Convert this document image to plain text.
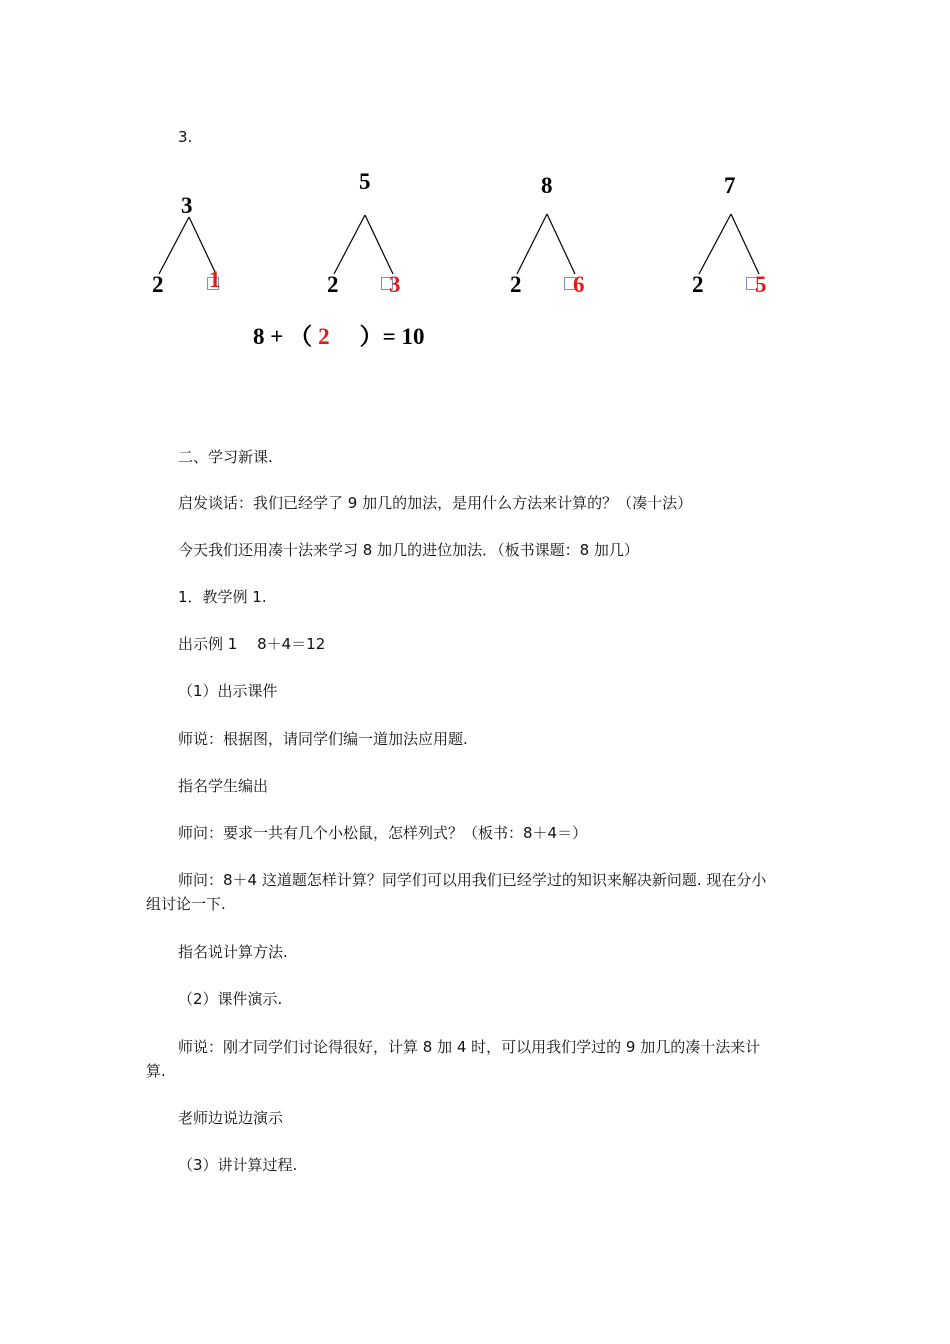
3.
3
2 1
5
2 3
8
2 6
7
2 5
8 + （ 2 ）= 10
二、学习新课.
启发谈话：我们已经学了 9 加几的加法，是用什么方法来计算的？（凑十法）
今天我们还用凑十法来学习 8 加几的进位加法．（板书课题：8 加几）
1．教学例 1.
出示例 1　 8＋4＝12
（1）出示课件
师说：根据图，请同学们编一道加法应用题.
指名学生编出
师问：要求一共有几个小松鼠，怎样列式？（板书：8＋4＝）
师问：8＋4 这道题怎样计算？同学们可以用我们已经学过的知识来解决新问题. 现在分小组讨论一下.
指名说计算方法.
（2）课件演示.
师说：刚才同学们讨论得很好，计算 8 加 4 时，可以用我们学过的 9 加几的凑十法来计算.
老师边说边演示
（3）讲计算过程.
